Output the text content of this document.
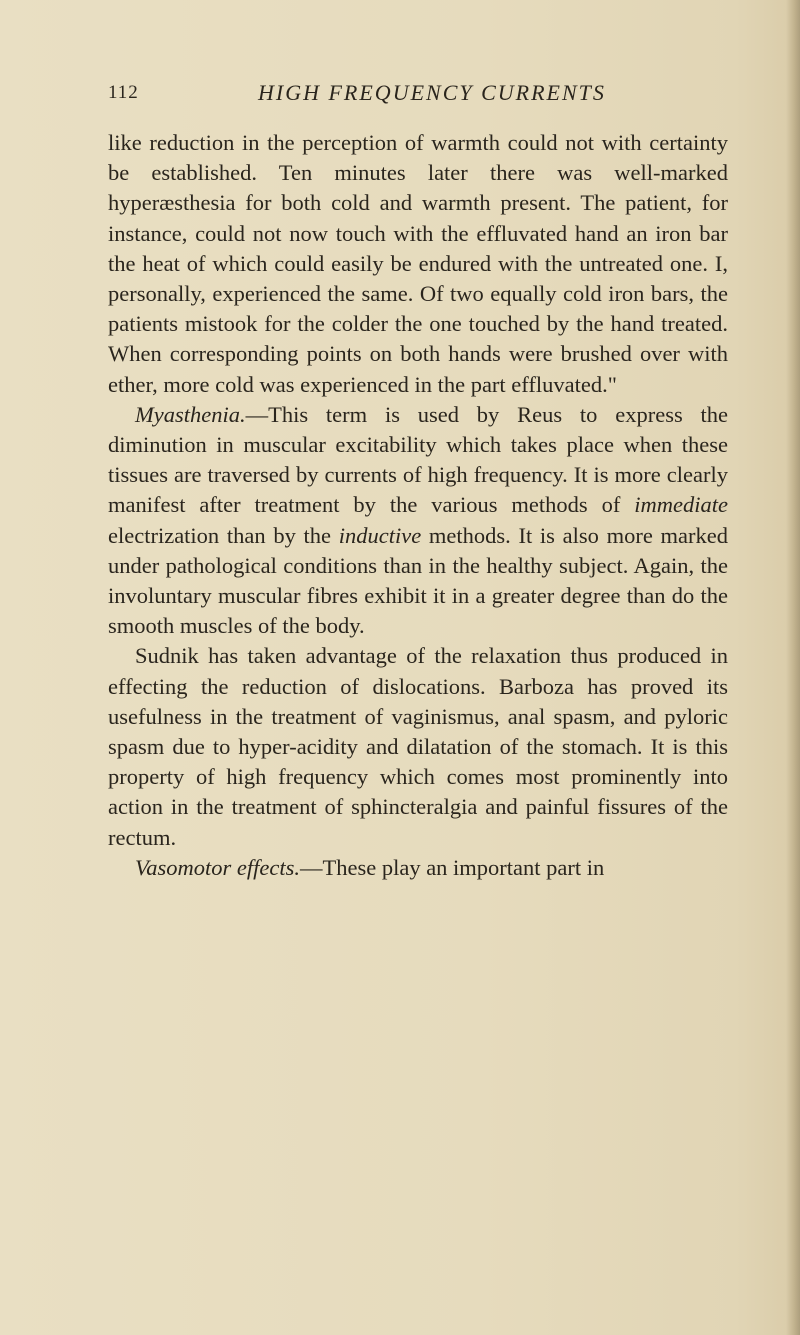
112	HIGH FREQUENCY CURRENTS

like reduction in the perception of warmth could not with certainty be established. Ten minutes later there was well-marked hyperæsthesia for both cold and warmth present. The patient, for instance, could not now touch with the effluvated hand an iron bar the heat of which could easily be endured with the untreated one. I, personally, experienced the same. Of two equally cold iron bars, the patients mistook for the colder the one touched by the hand treated. When corresponding points on both hands were brushed over with ether, more cold was experienced in the part effluvated."

Myasthenia.—This term is used by Reus to express the diminution in muscular excitability which takes place when these tissues are traversed by currents of high frequency. It is more clearly manifest after treatment by the various methods of immediate electrization than by the inductive methods. It is also more marked under pathological conditions than in the healthy subject. Again, the involuntary muscular fibres exhibit it in a greater degree than do the smooth muscles of the body.

Sudnik has taken advantage of the relaxation thus produced in effecting the reduction of dislocations. Barboza has proved its usefulness in the treatment of vaginismus, anal spasm, and pyloric spasm due to hyper-acidity and dilatation of the stomach. It is this property of high frequency which comes most prominently into action in the treatment of sphincteralgia and painful fissures of the rectum.

Vasomotor effects.—These play an important part in
